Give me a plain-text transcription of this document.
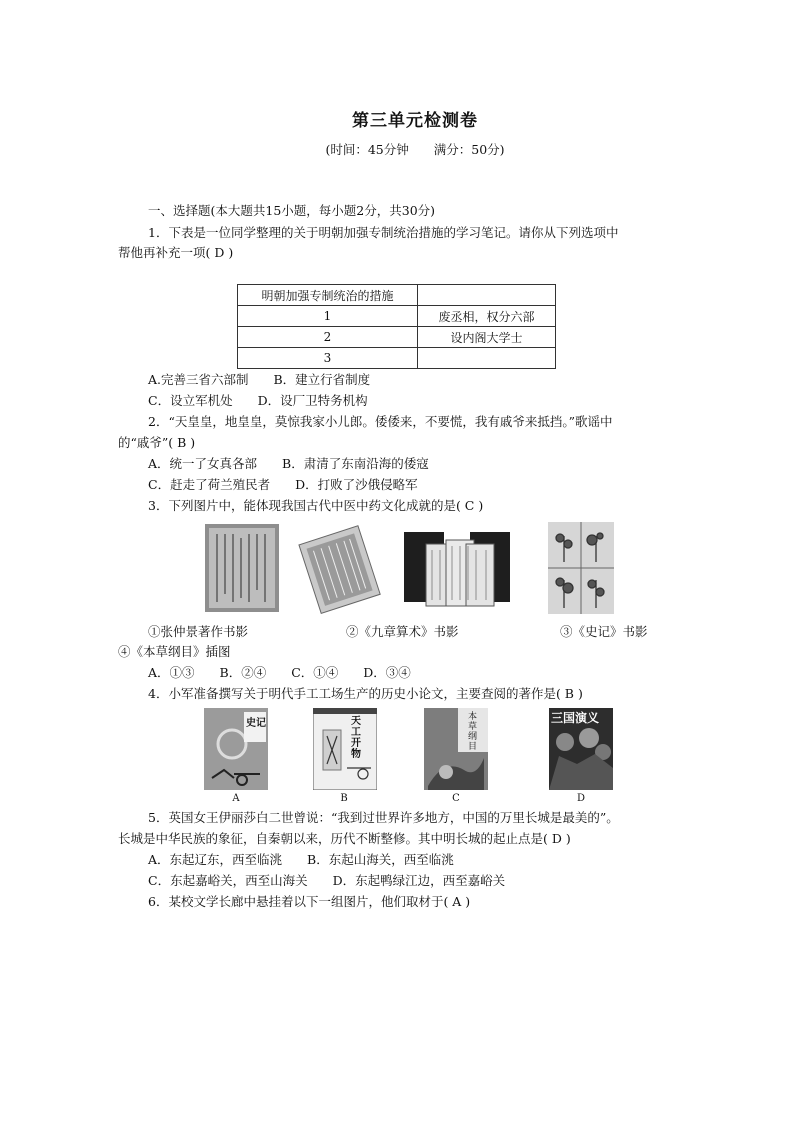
第三单元检测卷
(时间：45分钟　　满分：50分)
一、选择题(本大题共15小题，每小题2分，共30分)
1．下表是一位同学整理的关于明朝加强专制统治措施的学习笔记。请你从下列选项中
帮他再补充一项( D )
明朝加强专制统治的措施	
1	废丞相，权分六部
2	设内阁大学士
3	
A.完善三省六部制　　B．建立行省制度
C．设立军机处　　D．设厂卫特务机构
2．“天皇皇，地皇皇，莫惊我家小儿郎。倭倭来，不要慌，我有戚爷来抵挡。”歌谣中
的“戚爷”( B )
A．统一了女真各部　　B．肃清了东南沿海的倭寇
C．赶走了荷兰殖民者　　D．打败了沙俄侵略军
3．下列图片中，能体现我国古代中医中药文化成就的是( C )
①张仲景著作书影	②《九章算术》书影	③《史记》书影
④《本草纲目》插图
A．①③　　B．②④　　C．①④　　D．③④
4．小军准备撰写关于明代手工工场生产的历史小论文，主要查阅的著作是( B )
史记	天工开物
本草纲目
三国演义
A	B	C	D
5．英国女王伊丽莎白二世曾说：“我到过世界许多地方，中国的万里长城是最美的”。
长城是中华民族的象征，自秦朝以来，历代不断整修。其中明长城的起止点是( D )
A．东起辽东，西至临洮　　B．东起山海关，西至临洮
C．东起嘉峪关，西至山海关　　D．东起鸭绿江边，西至嘉峪关
6．某校文学长廊中悬挂着以下一组图片，他们取材于( A )
